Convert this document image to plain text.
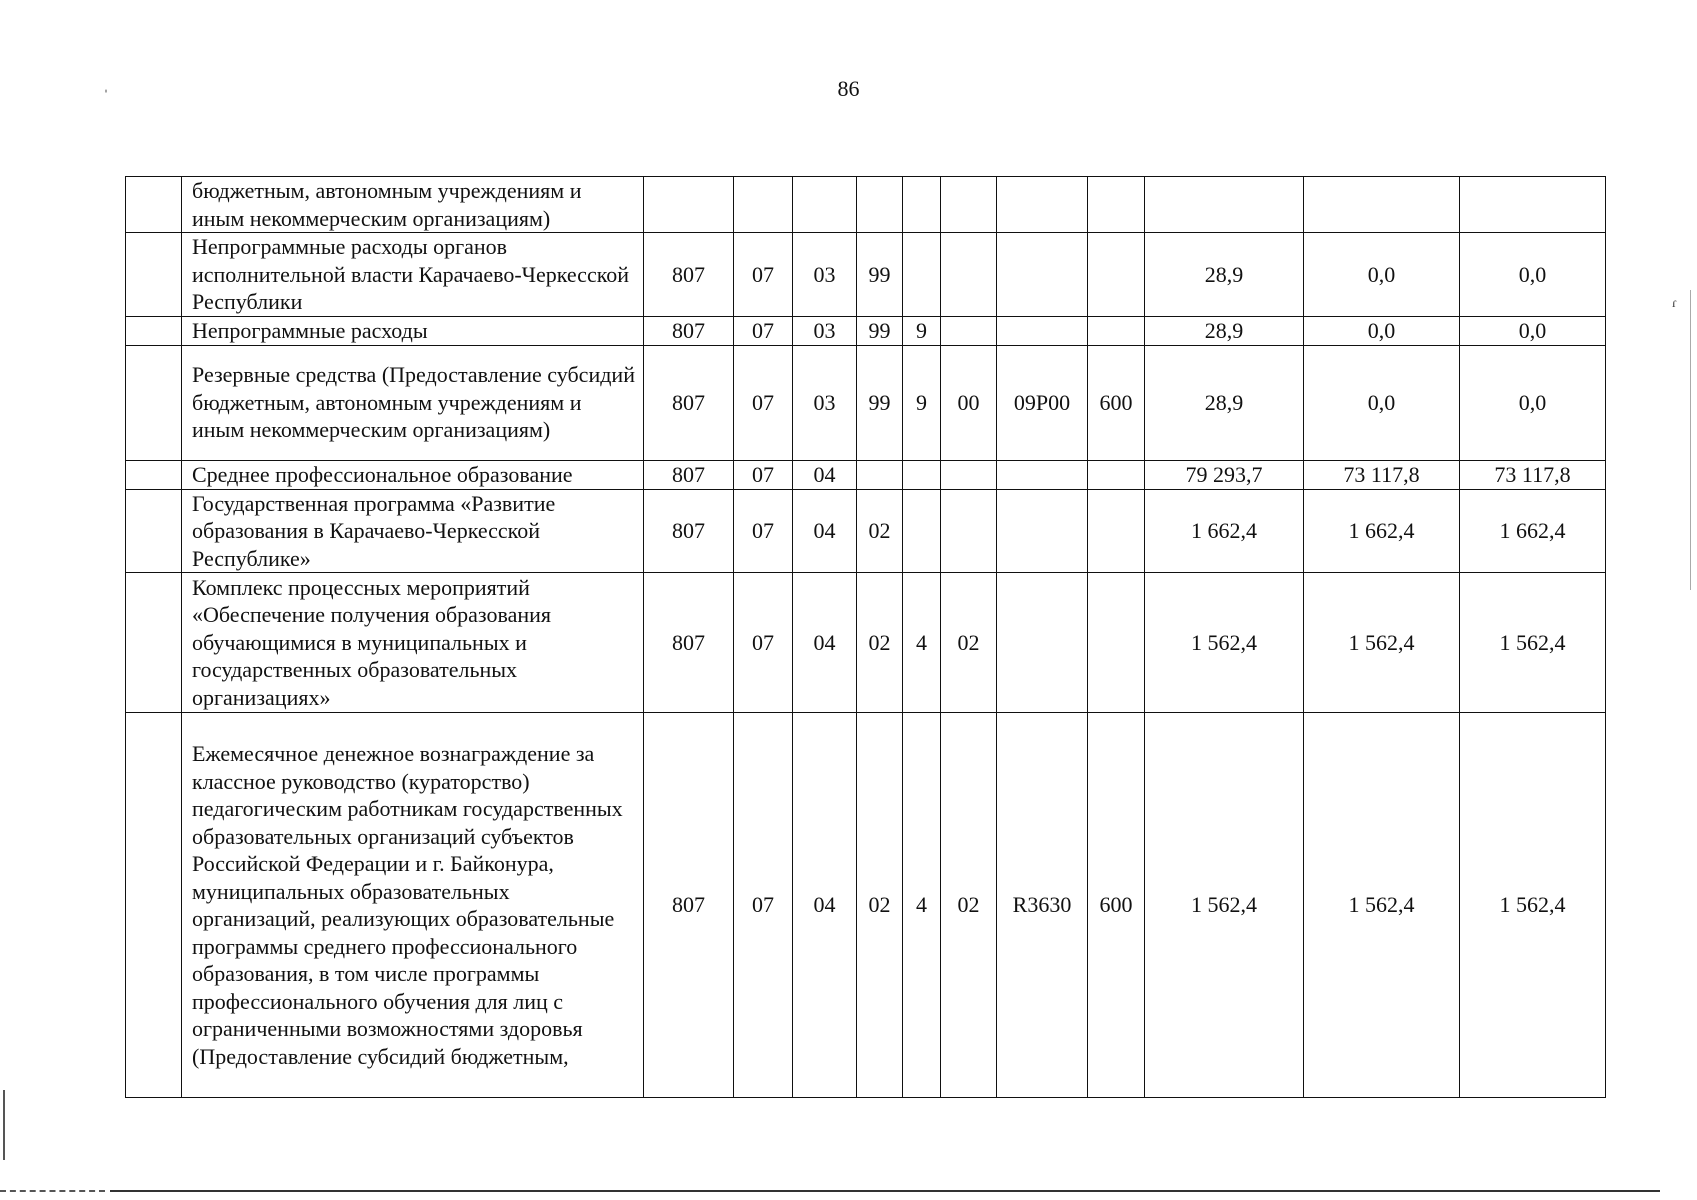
86
ˈ
ɾ
	бюджетным, автономным учреждениям и иным некоммерческим организациям)											
	Непрограммные расходы органов исполнительной власти Карачаево-Черкесской Республики	807	07	03	99					28,9	0,0	0,0
	Непрограммные расходы	807	07	03	99	9				28,9	0,0	0,0
	Резервные средства (Предоставление субсидий бюджетным, автономным учреждениям и иным некоммерческим организациям)	807	07	03	99	9	00	09Р00	600	28,9	0,0	0,0
	Среднее профессиональное образование	807	07	04						79 293,7	73 117,8	73 117,8
	Государственная программа «Развитие образования в Карачаево-Черкесской Республике»	807	07	04	02					1 662,4	1 662,4	1 662,4
	Комплекс процессных мероприятий «Обеспечение получения образования обучающимися в муниципальных и государственных образовательных организациях»	807	07	04	02	4	02			1 562,4	1 562,4	1 562,4
	Ежемесячное денежное вознаграждение за классное руководство (кураторство) педагогическим работникам государственных образовательных организаций субъектов Российской Федерации и г. Байконура, муниципальных образовательных организаций, реализующих образовательные программы среднего профессионального образования, в том числе программы профессионального обучения для лиц с ограниченными возможностями здоровья (Предоставление субсидий бюджетным,	807	07	04	02	4	02	R3630	600	1 562,4	1 562,4	1 562,4
